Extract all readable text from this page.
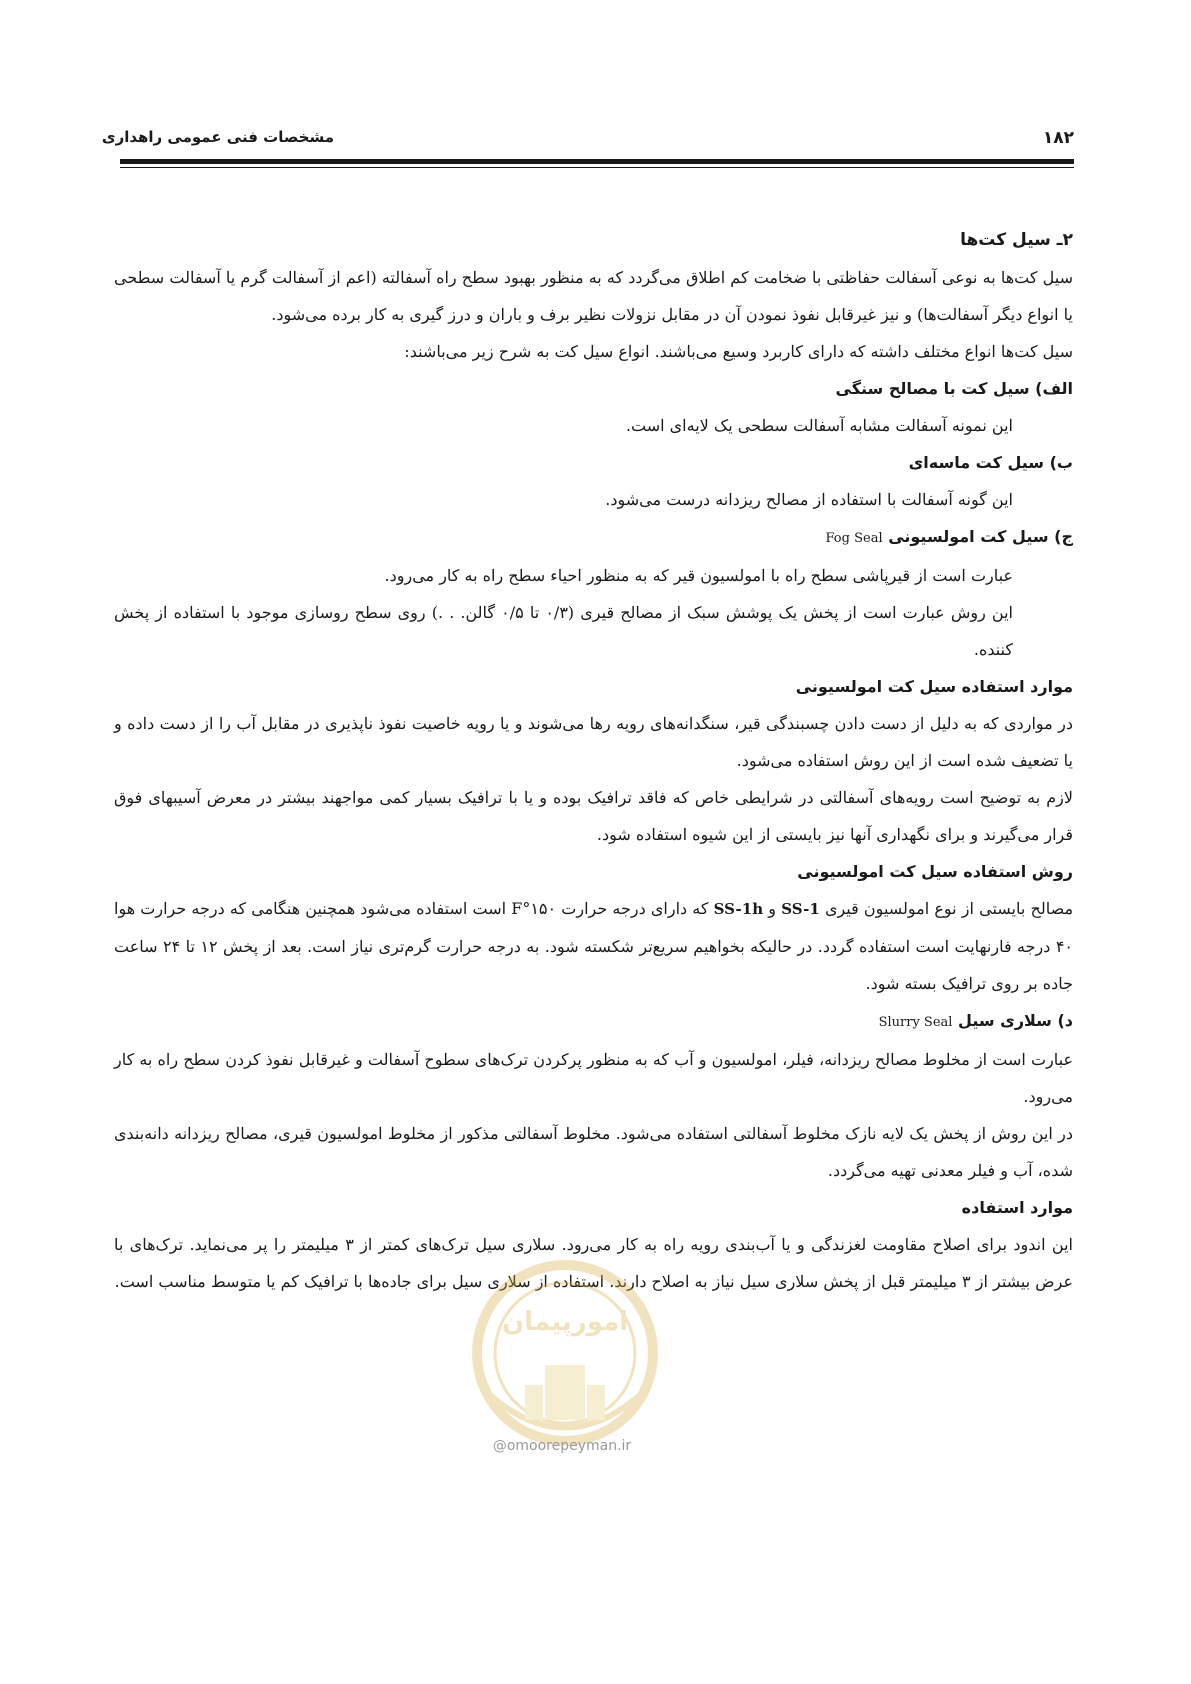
۱۸۲
مشخصات فنی عمومی راهداری

۲ـ سیل کت‌ها

سیل کت‌ها به نوعی آسفالت حفاظتی با ضخامت کم اطلاق می‌گردد که به منظور بهبود سطح راه آسفالته (اعم از آسفالت گرم یا آسفالت سطحی یا انواع دیگر آسفالت‌ها) و نیز غیرقابل نفوذ نمودن آن در مقابل نزولات نظیر برف و باران و درز گیری به کار برده می‌شود.

سیل کت‌ها انواع مختلف داشته که دارای کاربرد وسیع می‌باشند. انواع سیل کت به شرح زیر می‌باشند:

الف) سیل کت با مصالح سنگی

این نمونه آسفالت مشابه آسفالت سطحی یک لایه‌ای است.

ب) سیل کت ماسه‌ای

این گونه آسفالت با استفاده از مصالح ریزدانه درست می‌شود.

ج) سیل کت امولسیونی Fog Seal

عبارت است از قیرپاشی سطح راه با امولسیون قیر که به منظور احیاء سطح راه به کار می‌رود.

این روش عبارت است از پخش یک پوشش سبک از مصالح قیری (۰/۳ تا ۰/۵ گالن. . .) روی سطح روسازی موجود با استفاده از پخش کننده.

موارد استفاده سیل کت امولسیونی

در مواردی که به دلیل از دست دادن چسبندگی قیر، سنگدانه‌های رویه رها می‌شوند و یا رویه خاصیت نفوذ ناپذیری در مقابل آب را از دست داده و یا تضعیف شده است از این روش استفاده می‌شود.

لازم به توضیح است رویه‌های آسفالتی در شرایطی خاص که فاقد ترافیک بوده و یا با ترافیک بسیار کمی مواجهند بیشتر در معرض آسیبهای فوق قرار می‌گیرند و برای نگهداری آنها نیز بایستی از این شیوه استفاده شود.

روش استفاده سیل کت امولسیونی

مصالح بایستی از نوع امولسیون قیری SS-1 و SS-1h که دارای درجه حرارت ۱۵۰°F است استفاده می‌شود همچنین هنگامی که درجه حرارت هوا ۴۰ درجه فارنهایت است استفاده گردد. در حالیکه بخواهیم سریع‌تر شکسته شود. به درجه حرارت گرم‌تری نیاز است. بعد از پخش ۱۲ تا ۲۴ ساعت جاده بر روی ترافیک بسته شود.

د) سلاری سیل Slurry Seal

عبارت است از مخلوط مصالح ریزدانه، فیلر، امولسیون و آب که به منظور پرکردن ترک‌های سطوح آسفالت و غیرقابل نفوذ کردن سطح راه به کار می‌رود.

در این روش از پخش یک لایه نازک مخلوط آسفالتی استفاده می‌شود. مخلوط آسفالتی مذکور از مخلوط امولسیون قیری، مصالح ریزدانه دانه‌بندی شده، آب و فیلر معدنی تهیه می‌گردد.

موارد استفاده

این اندود برای اصلاح مقاومت لغزندگی و یا آب‌بندی رویه راه به کار می‌رود. سلاری سیل ترک‌های کمتر از ۳ میلیمتر را پر می‌نماید. ترک‌های با عرض بیشتر از ۳ میلیمتر قبل از پخش سلاری سیل نیاز به اصلاح دارند. استفاده از سلاری سیل برای جاده‌ها با ترافیک کم یا متوسط مناسب است.

امورپیمان
@omoorepeyman.ir
